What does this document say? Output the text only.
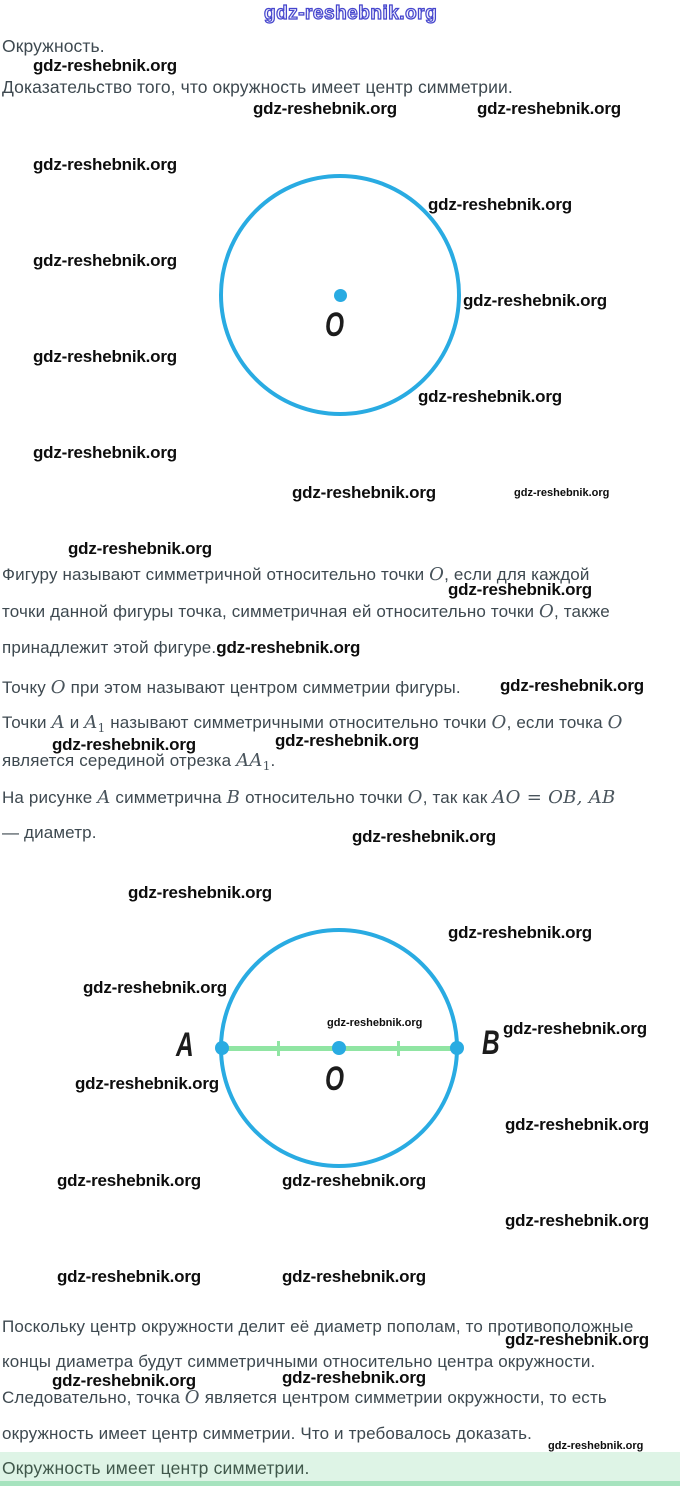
gdz-reshebnik.org
Окружность.
Доказательство того, что окружность имеет центр симметрии.
O
A	B
O
gdz-reshebnik.org
gdz-reshebnik.org	gdz-reshebnik.org
gdz-reshebnik.org
gdz-reshebnik.org
gdz-reshebnik.org
gdz-reshebnik.org
gdz-reshebnik.org
gdz-reshebnik.org
gdz-reshebnik.org
gdz-reshebnik.org	gdz-reshebnik.org
gdz-reshebnik.org
gdz-reshebnik.org
gdz-reshebnik.org
gdz-reshebnik.org	gdz-reshebnik.org
gdz-reshebnik.org
gdz-reshebnik.org
gdz-reshebnik.org
gdz-reshebnik.org
gdz-reshebnik.org
gdz-reshebnik.org
gdz-reshebnik.org
gdz-reshebnik.org
gdz-reshebnik.org	gdz-reshebnik.org
gdz-reshebnik.org
gdz-reshebnik.org	gdz-reshebnik.org
gdz-reshebnik.org
gdz-reshebnik.org	gdz-reshebnik.org
gdz-reshebnik.org
Фигуру называют симметричной относительно точки O, если для каждой
точки данной фигуры точка, симметричная ей относительно точки O, также
принадлежит этой фигуре.gdz-reshebnik.org
Точку O при этом называют центром симметрии фигуры.
Точки A и $A_1$ называют симметричными относительно точки O, если точка O
является серединой отрезка $AA_1$.
На рисунке A симметрична B относительно точки O, так как AO = OB, AB
— диаметр.
Поскольку центр окружности делит её диаметр пополам, то противоположные
концы диаметра будут симметричными относительно центра окружности.
Следовательно, точка O является центром симметрии окружности, то есть
окружность имеет центр симметрии. Что и требовалось доказать.
Окружность имеет центр симметрии.
